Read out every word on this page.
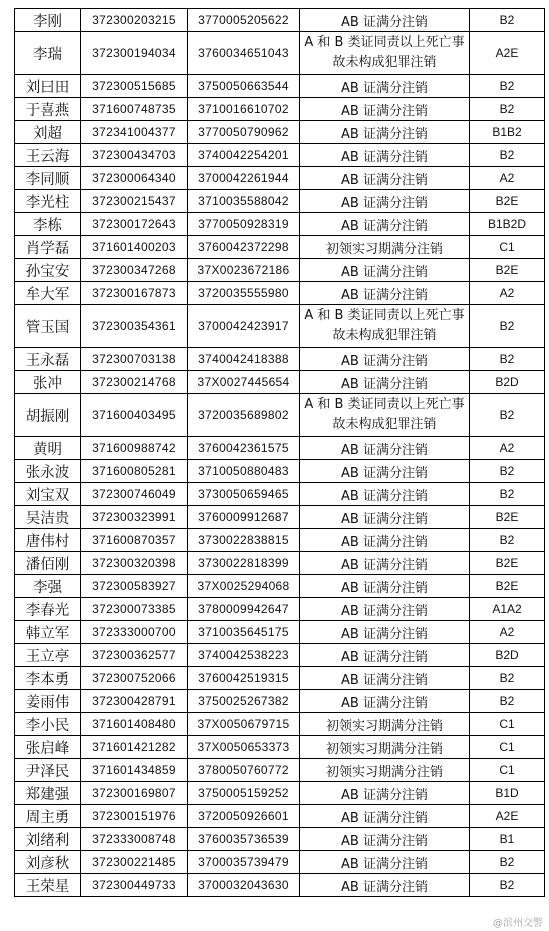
李刚	372300203215	3770005205622	AB 证满分注销	B2
李瑞	372300194034	3760034651043	A 和 B 类证同责以上死亡事故未构成犯罪注销	A2E
刘曰田	372300515685	3750050663544	AB 证满分注销	B2
于喜燕	371600748735	3710016610702	AB 证满分注销	B2
刘超	372341004377	3770050790962	AB 证满分注销	B1B2
王云海	372300434703	3740042254201	AB 证满分注销	B2
李同顺	372300064340	3700042261944	AB 证满分注销	A2
李光柱	372300215437	3710035588042	AB 证满分注销	B2E
李栋	372300172643	3770050928319	AB 证满分注销	B1B2D
肖学磊	371601400203	3760042372298	初领实习期满分注销	C1
孙宝安	372300347268	37X0023672186	AB 证满分注销	B2E
牟大军	372300167873	3720035555980	AB 证满分注销	A2
管玉国	372300354361	3700042423917	A 和 B 类证同责以上死亡事故未构成犯罪注销	B2
王永磊	372300703138	3740042418388	AB 证满分注销	B2
张冲	372300214768	37X0027445654	AB 证满分注销	B2D
胡振刚	371600403495	3720035689802	A 和 B 类证同责以上死亡事故未构成犯罪注销	B2
黄明	371600988742	3760042361575	AB 证满分注销	A2
张永波	371600805281	3710050880483	AB 证满分注销	B2
刘宝双	372300746049	3730050659465	AB 证满分注销	B2
吴洁贵	372300323991	3760009912687	AB 证满分注销	B2E
唐伟村	371600870357	3730022838815	AB 证满分注销	B2
潘佰刚	372300320398	3730022818399	AB 证满分注销	B2E
李强	372300583927	37X0025294068	AB 证满分注销	B2E
李春光	372300073385	3780009942647	AB 证满分注销	A1A2
韩立军	372333000700	3710035645175	AB 证满分注销	A2
王立亭	372300362577	3740042538223	AB 证满分注销	B2D
李本勇	372300752066	3760042519315	AB 证满分注销	B2
姜雨伟	372300428791	3750025267382	AB 证满分注销	B2
李小民	371601408480	37X0050679715	初领实习期满分注销	C1
张启峰	371601421282	37X0050653373	初领实习期满分注销	C1
尹泽民	371601434859	3780050760772	初领实习期满分注销	C1
郑建强	372300169807	3750005159252	AB 证满分注销	B1D
周主勇	372300151976	3720050926601	AB 证满分注销	A2E
刘绪利	372333008748	3760035736539	AB 证满分注销	B1
刘彦秋	372300221485	3700035739479	AB 证满分注销	B2
王荣星	372300449733	3700032043630	AB 证满分注销	B2
@滨州交警
